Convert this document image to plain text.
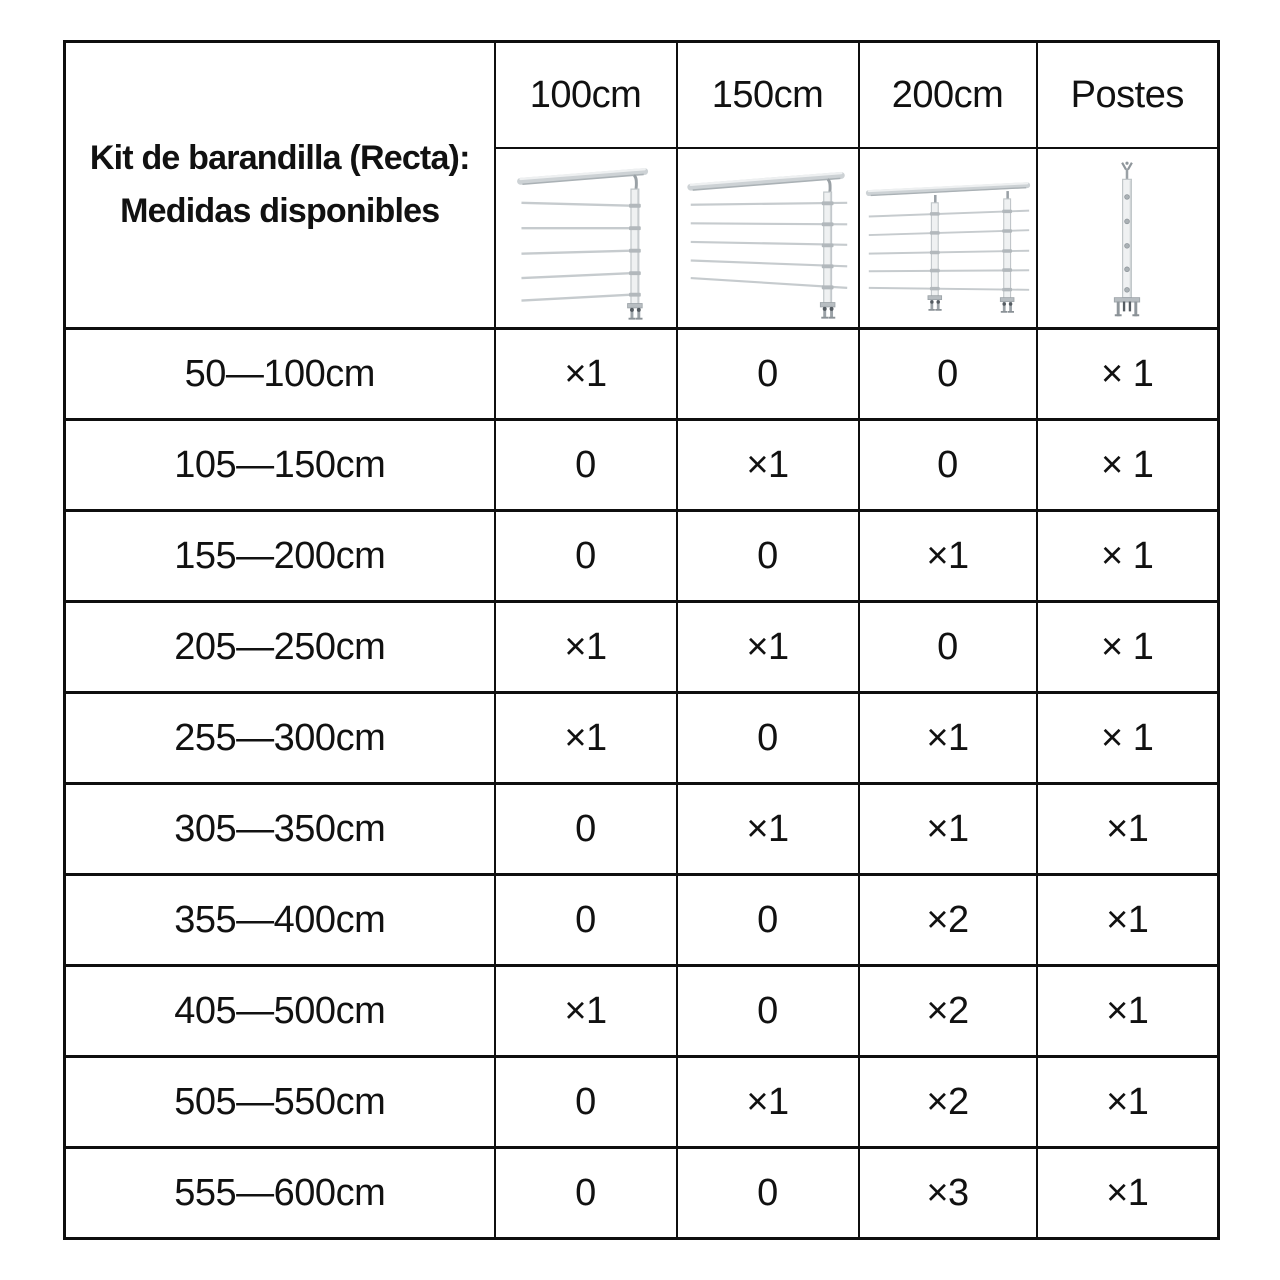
Kit de barandilla (Recta):
Medidas disponibles	100cm	150cm	200cm	Postes

50—100cm	×1	0	0	× 1
105—150cm	0	×1	0	× 1
155—200cm	0	0	×1	× 1
205—250cm	×1	×1	0	× 1
255—300cm	×1	0	×1	× 1
305—350cm	0	×1	×1	×1
355—400cm	0	0	×2	×1
405—500cm	×1	0	×2	×1
505—550cm	0	×1	×2	×1
555—600cm	0	0	×3	×1
